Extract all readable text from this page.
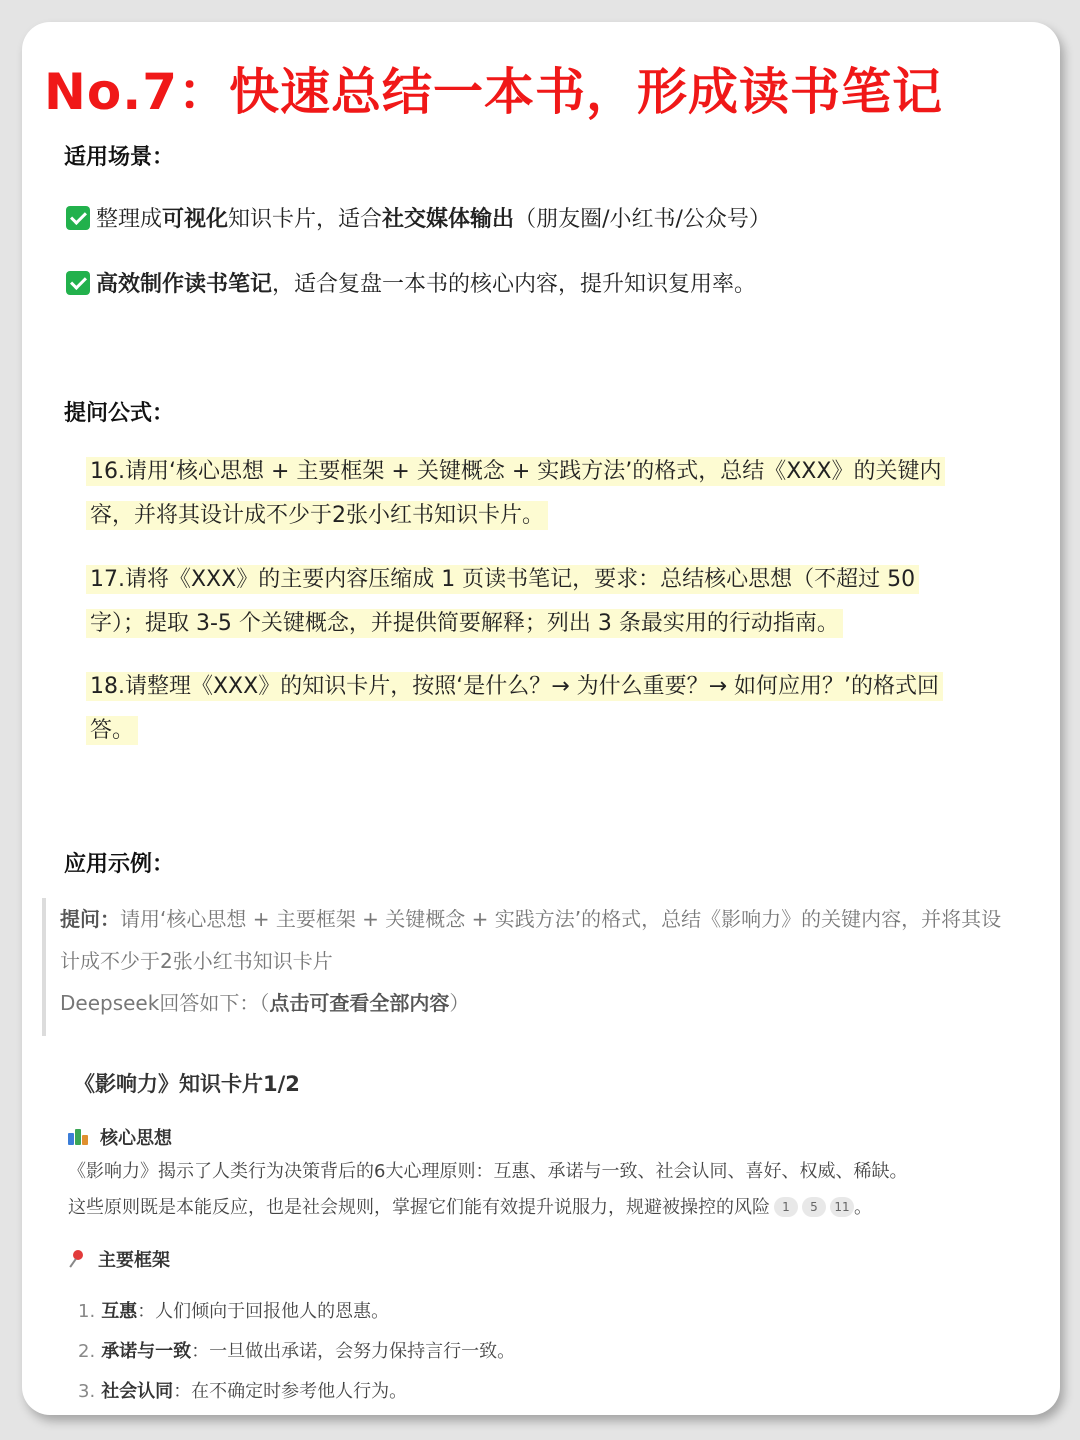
No.7：快速总结一本书，形成读书笔记
适用场景：
整理成 可视化 知识卡片，适合 社交媒体输出 （朋友圈/小红书/公众号）
高效制作读书笔记 ，适合复盘一本书的核心内容，提升知识复用率。
提问公式：
16.请用‘核心思想 + 主要框架 + 关键概念 + 实践方法’的格式，总结《XXX》的关键内容，并将其设计成不少于2张小红书知识卡片。
17.请将《XXX》的主要内容压缩成 1 页读书笔记，要求：总结核心思想（不超过 50 字）；提取 3-5 个关键概念，并提供简要解释；列出 3 条最实用的行动指南。
18.请整理《XXX》的知识卡片，按照‘是什么？→ 为什么重要？→ 如何应用？’的格式回答。
应用示例：
提问：请用‘核心思想 + 主要框架 + 关键概念 + 实践方法’的格式，总结《影响力》的关键内容，并将其设计成不少于2张小红书知识卡片
Deepseek回答如下：（点击可查看全部内容）
《影响力》知识卡片1/2
核心思想
《影响力》揭示了人类行为决策背后的6大心理原则：互惠、承诺与一致、社会认同、喜好、权威、稀缺。
这些原则既是本能反应，也是社会规则，掌握它们能有效提升说服力，规避被操控的风险 1 5 11 。
主要框架
1. 互惠：人们倾向于回报他人的恩惠。
2. 承诺与一致：一旦做出承诺，会努力保持言行一致。
3. 社会认同：在不确定时参考他人行为。
